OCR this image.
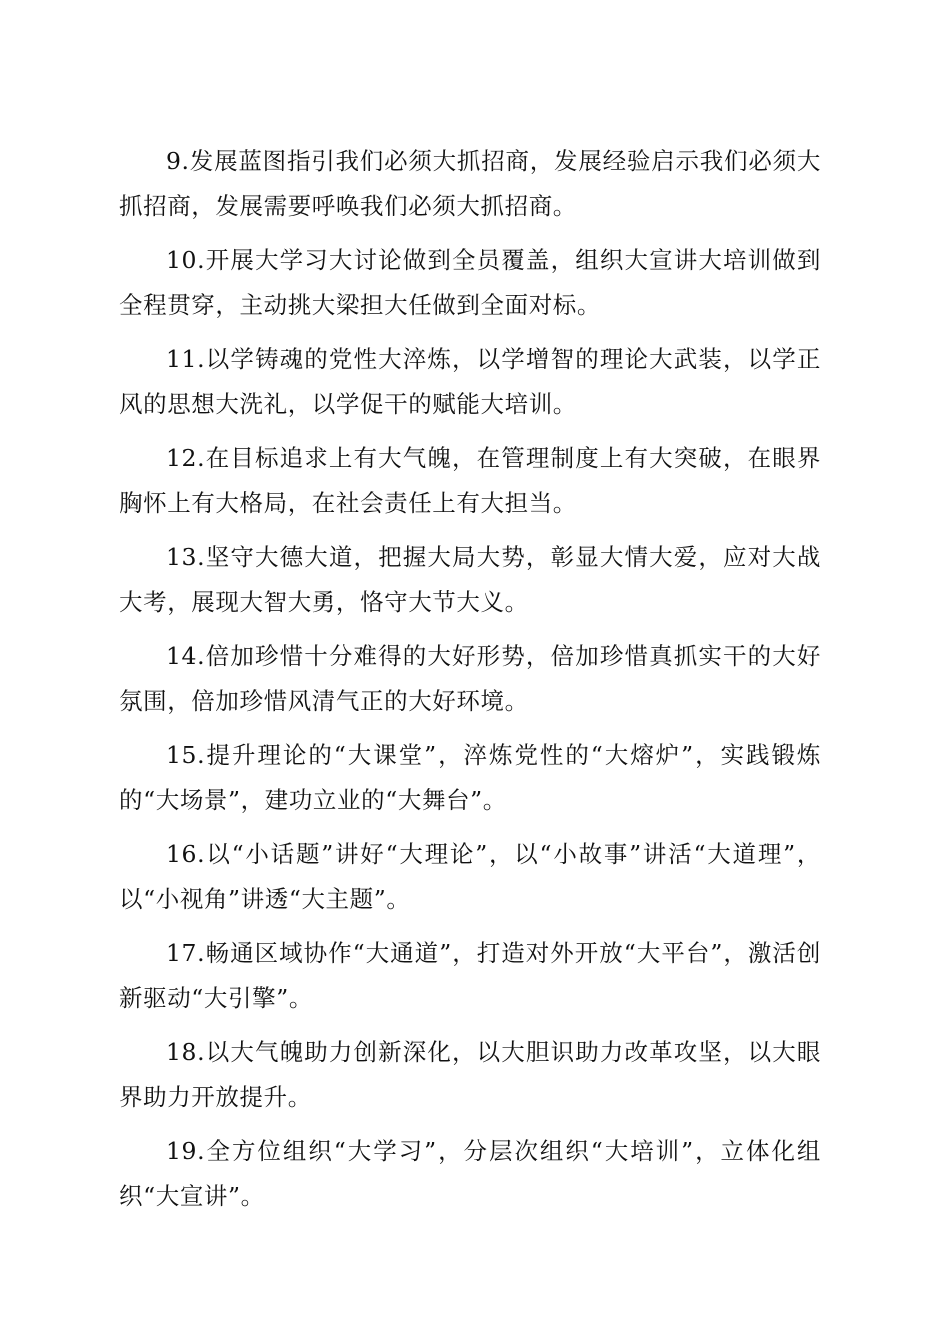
9.发展蓝图指引我们必须大抓招商，发展经验启示我们必须大抓招商，发展需要呼唤我们必须大抓招商。

10.开展大学习大讨论做到全员覆盖，组织大宣讲大培训做到全程贯穿，主动挑大梁担大任做到全面对标。

11.以学铸魂的党性大淬炼，以学增智的理论大武装，以学正风的思想大洗礼，以学促干的赋能大培训。

12.在目标追求上有大气魄，在管理制度上有大突破，在眼界胸怀上有大格局，在社会责任上有大担当。

13.坚守大德大道，把握大局大势，彰显大情大爱，应对大战大考，展现大智大勇，恪守大节大义。

14.倍加珍惜十分难得的大好形势，倍加珍惜真抓实干的大好氛围，倍加珍惜风清气正的大好环境。

15.提升理论的“大课堂”，淬炼党性的“大熔炉”，实践锻炼的“大场景”，建功立业的“大舞台”。

16.以“小话题”讲好“大理论”，以“小故事”讲活“大道理”，以“小视角”讲透“大主题”。

17.畅通区域协作“大通道”，打造对外开放“大平台”，激活创新驱动“大引擎”。

18.以大气魄助力创新深化，以大胆识助力改革攻坚，以大眼界助力开放提升。

19.全方位组织“大学习”，分层次组织“大培训”，立体化组织“大宣讲”。
